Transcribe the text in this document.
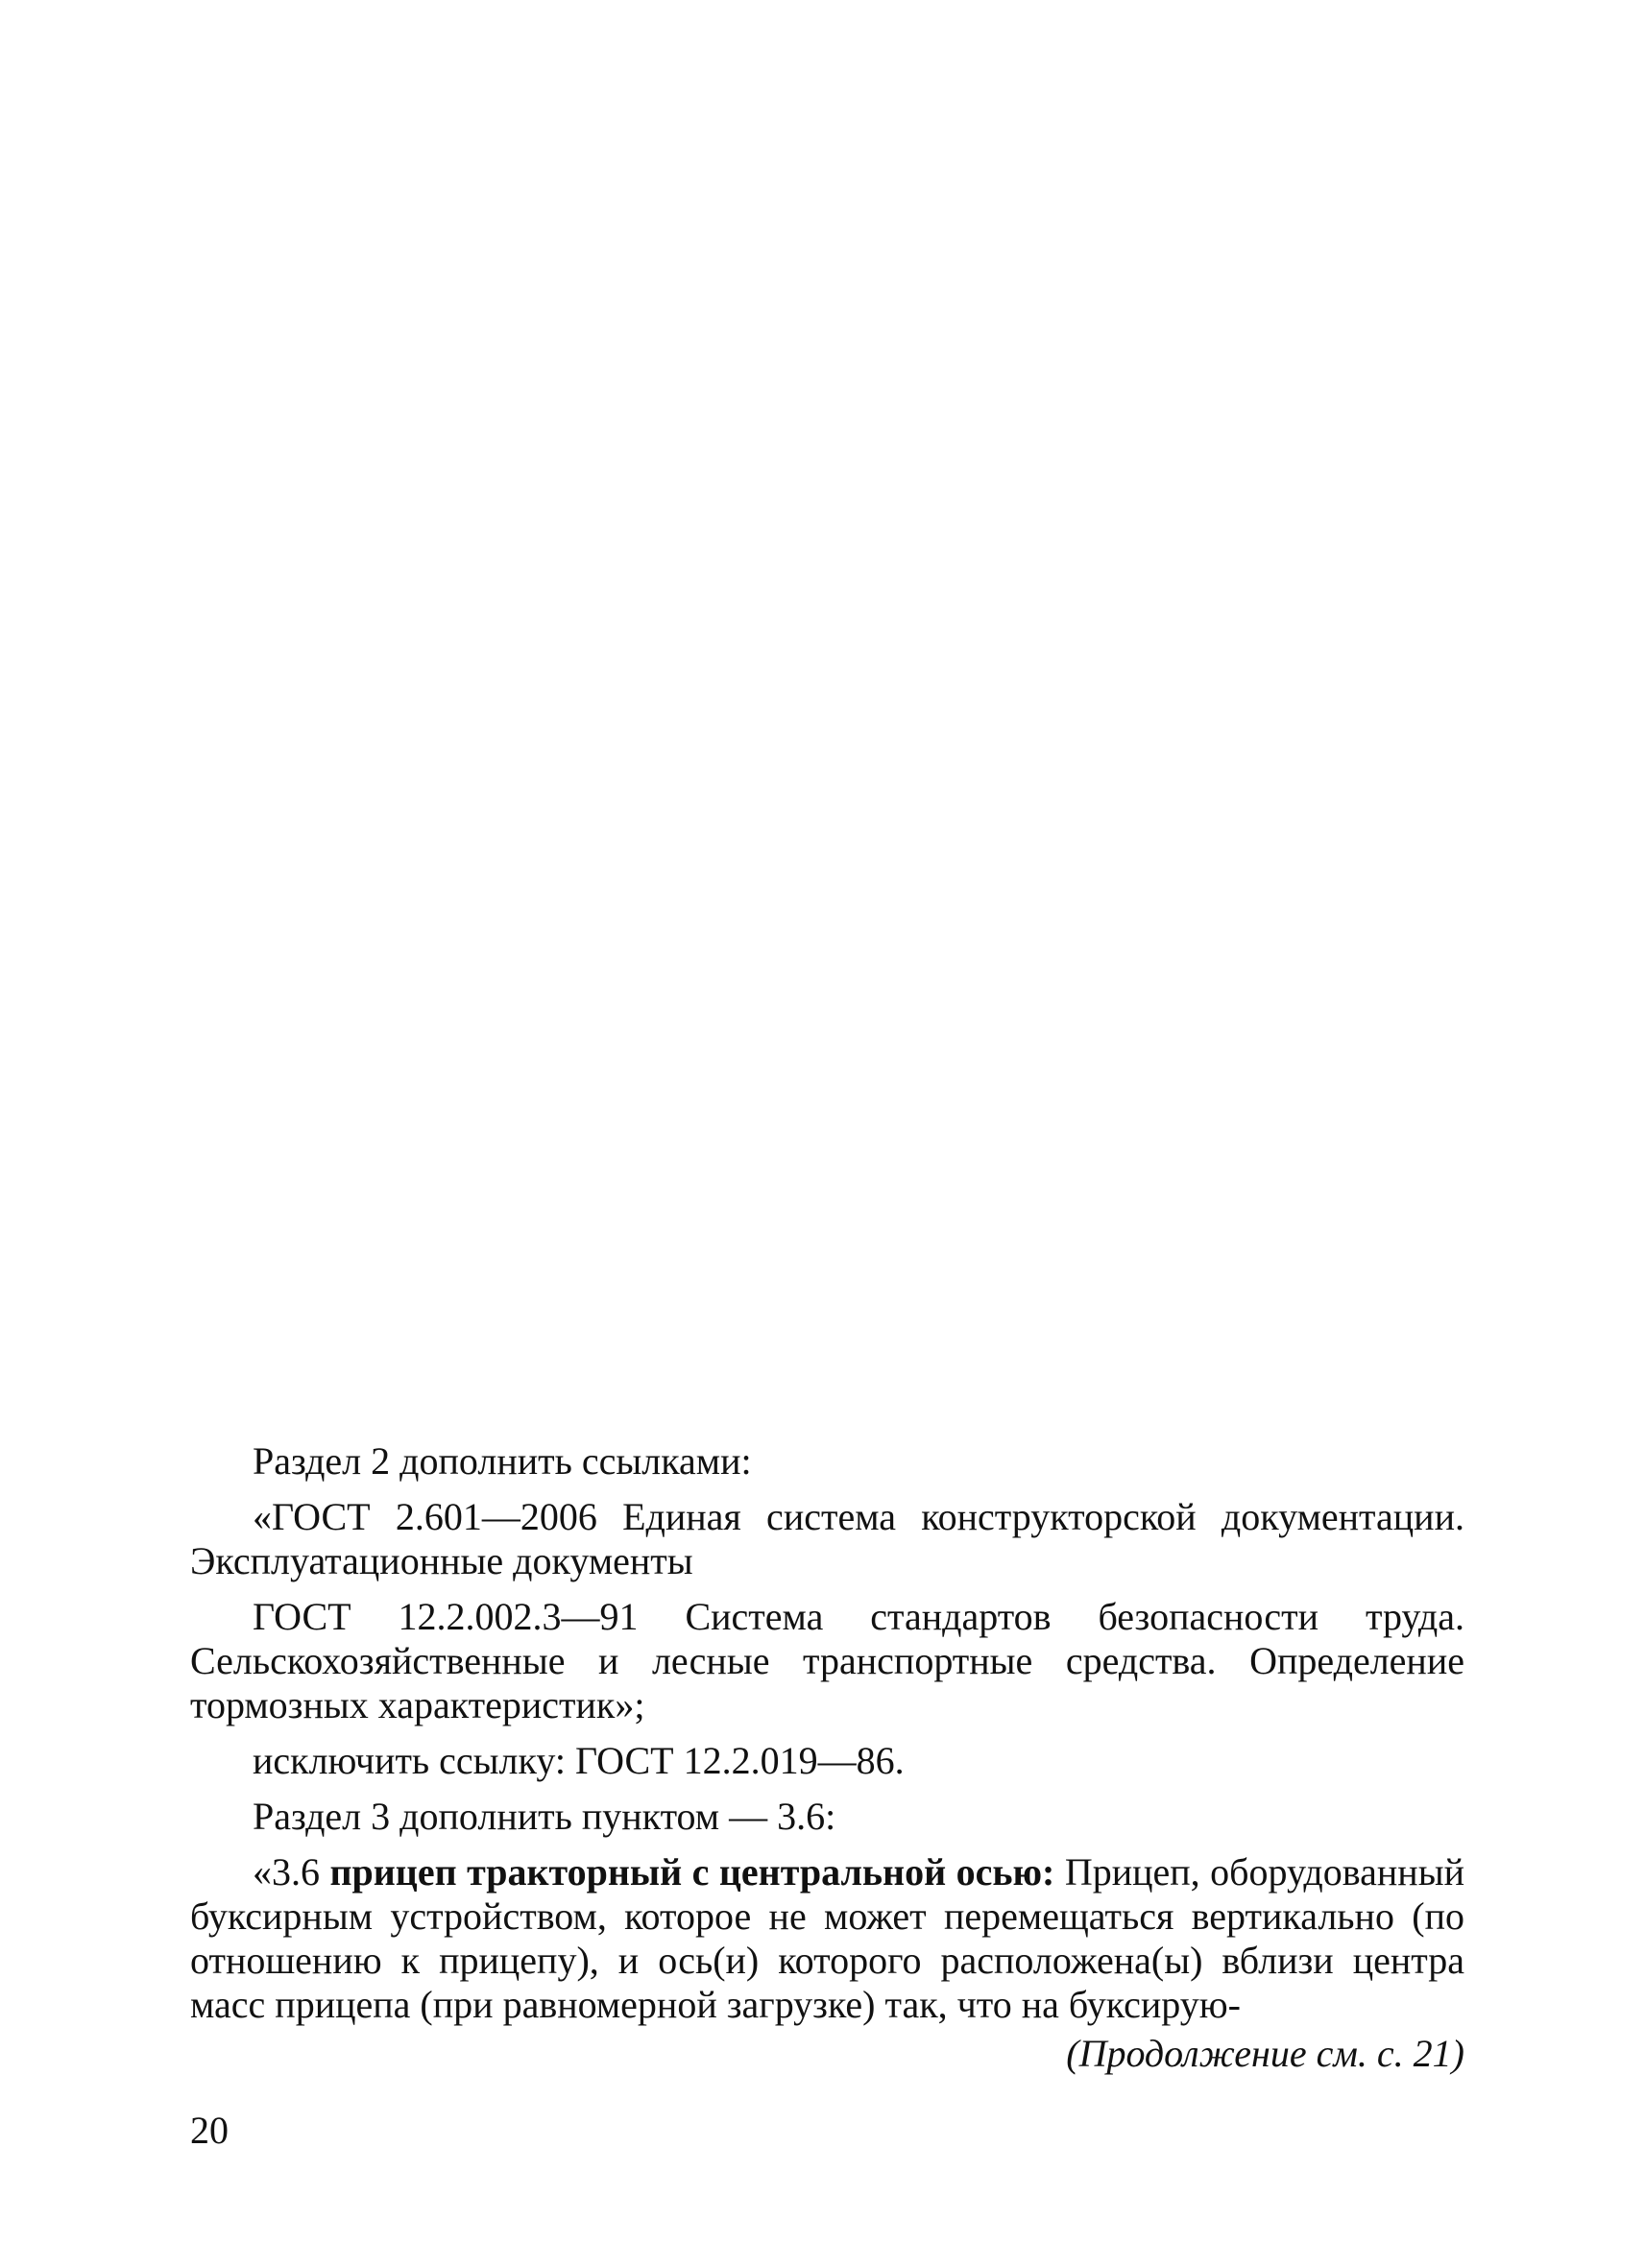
Раздел 2 дополнить ссылками:

«ГОСТ 2.601—2006 Единая система конструкторской документации. Эксплуатационные документы

ГОСТ 12.2.002.3—91 Система стандартов безопасности труда. Сельскохозяйственные и лесные транспортные средства. Определение тормозных характеристик»;

исключить ссылку: ГОСТ 12.2.019—86.

Раздел 3 дополнить пунктом — 3.6:

«3.6 прицеп тракторный с центральной осью: Прицеп, оборудованный буксирным устройством, которое не может перемещаться вертикально (по отношению к прицепу), и ось(и) которого расположена(ы) вблизи центра масс прицепа (при равномерной загрузке) так, что на буксирую-

(Продолжение см. с. 21)
20
